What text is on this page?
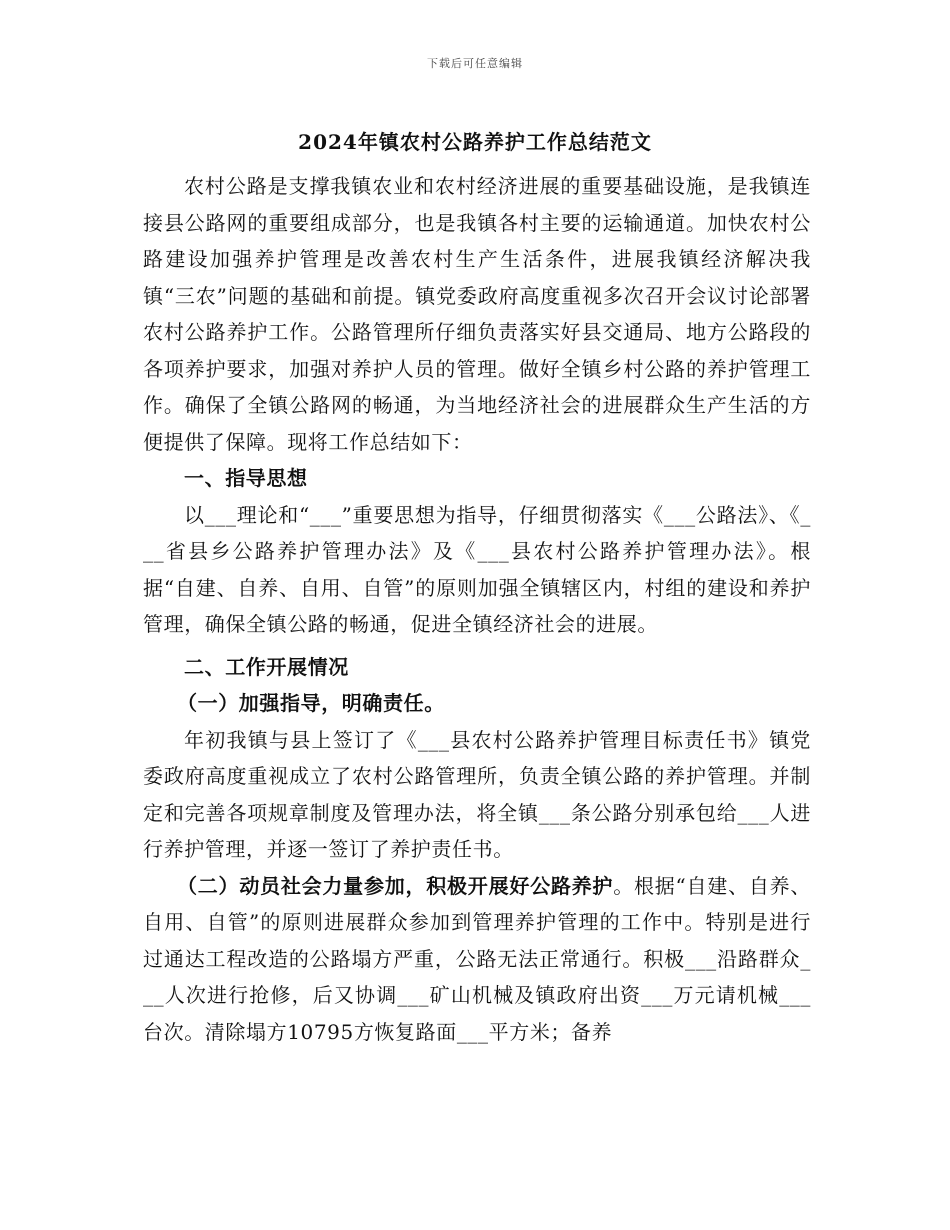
下载后可任意编辑
2024年镇农村公路养护工作总结范文

农村公路是支撑我镇农业和农村经济进展的重要基础设施，是我镇连接县公路网的重要组成部分，也是我镇各村主要的运输通道。加快农村公路建设加强养护管理是改善农村生产生活条件，进展我镇经济解决我镇“三农”问题的基础和前提。镇党委政府高度重视多次召开会议讨论部署农村公路养护工作。公路管理所仔细负责落实好县交通局、地方公路段的各项养护要求，加强对养护人员的管理。做好全镇乡村公路的养护管理工作。确保了全镇公路网的畅通，为当地经济社会的进展群众生产生活的方便提供了保障。现将工作总结如下：

一、指导思想

以___理论和“___”重要思想为指导，仔细贯彻落实《___公路法》、《___省县乡公路养护管理办法》及《___县农村公路养护管理办法》。根据“自建、自养、自用、自管”的原则加强全镇辖区内，村组的建设和养护管理，确保全镇公路的畅通，促进全镇经济社会的进展。

二、工作开展情况

（一）加强指导，明确责任。

年初我镇与县上签订了《___县农村公路养护管理目标责任书》镇党委政府高度重视成立了农村公路管理所，负责全镇公路的养护管理。并制定和完善各项规章制度及管理办法，将全镇___条公路分别承包给___人进行养护管理，并逐一签订了养护责任书。

（二）动员社会力量参加，积极开展好公路养护。根据“自建、自养、自用、自管”的原则进展群众参加到管理养护管理的工作中。特别是进行过通达工程改造的公路塌方严重，公路无法正常通行。积极___沿路群众___人次进行抢修，后又协调___矿山机械及镇政府出资___万元请机械___台次。清除塌方10795方恢复路面___平方米；备养
